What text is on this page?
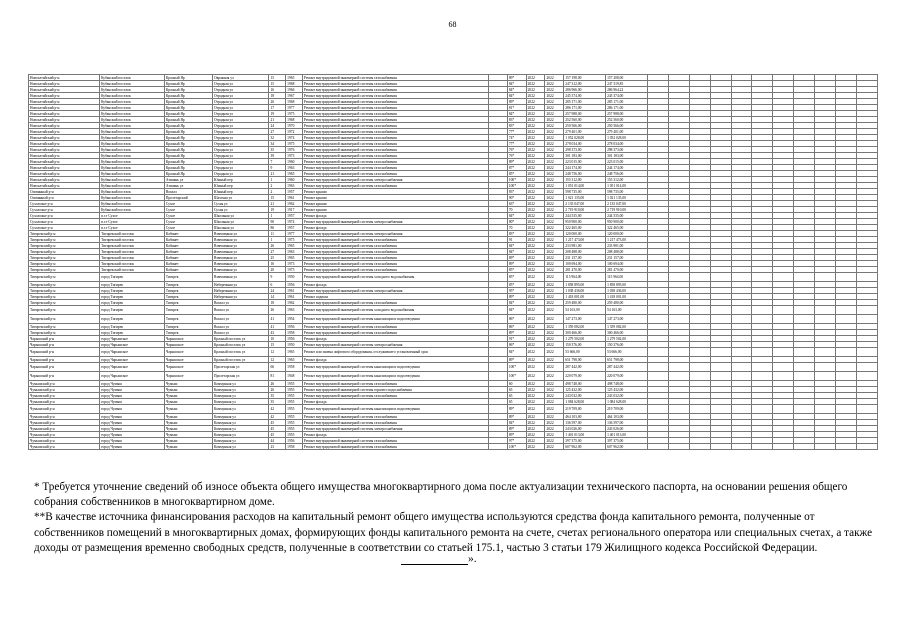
68
Новоалтайский р-н	Кубанский поселок	Красный Яр	Овражная ул	15	1965	Ремонт внутридомовой инженерной системы газоснабжения		89*	2022	2022	157 198,00	157 208,00											
Новоалтайский р-н	Кубанский поселок	Красный Яр	Отрадная ул	15	1968	Ремонт внутридомовой инженерной системы газоснабжения		84*	2022	2022	247 312,00	247 319,85											
Новоалтайский р-н	Кубанский поселок	Красный Яр	Отрадная ул	16	1966	Ремонт внутридомовой инженерной системы газоснабжения		84*	2022	2022	286 966,00	286 964,22											
Новоалтайский р-н	Кубанский поселок	Красный Яр	Отрадная ул	18	1967	Ремонт внутридомовой инженерной системы газоснабжения		84*	2022	2022	245 374,00	245 374,00											
Новоалтайский р-н	Кубанский поселок	Красный Яр	Отрадная ул	26	1968	Ремонт внутридомовой инженерной системы газоснабжения		89*	2022	2022	285 171,00	285 171,00											
Новоалтайский р-н	Кубанский поселок	Красный Яр	Отрадная ул	17	1977	Ремонт внутридомовой инженерной системы газоснабжения		81*	2022	2022	286 171,00	286 171,00											
Новоалтайский р-н	Кубанский поселок	Красный Яр	Отрадная ул	19	1975	Ремонт внутридомовой инженерной системы газоснабжения		84*	2022	2022	257 988,00	257 988,00											
Новоалтайский р-н	Кубанский поселок	Красный Яр	Отрадная ул	21	1968	Ремонт внутридомовой инженерной системы газоснабжения		83*	2022	2022	252 560,00	252 560,00											
Новоалтайский р-н	Кубанский поселок	Красный Яр	Отрадная ул	24	1970	Ремонт внутридомовой инженерной системы газоснабжения		83*	2022	2022	250 566,00	250 566,00											
Новоалтайский р-н	Кубанский поселок	Красный Яр	Отрадная ул	27	1972	Ремонт внутридомовой инженерной системы газоснабжения		77*	2022	2022	279 401,00	279 401,00											
Новоалтайский р-н	Кубанский поселок	Красный Яр	Отрадная ул	32	1974	Ремонт внутридомовой инженерной системы газоснабжения		74*	2022	2022	1 052 028,00	1 052 028,00											
Новоалтайский р-н	Кубанский поселок	Красный Яр	Отрадная ул	34	1975	Ремонт внутридомовой инженерной системы газоснабжения		77*	2022	2022	278 034,00	278 034,00											
Новоалтайский р-н	Кубанский поселок	Красный Яр	Отрадная ул	35	1976	Ремонт внутридомовой инженерной системы газоснабжения		76*	2022	2022	298 373,00	298 373,00											
Новоалтайский р-н	Кубанский поселок	Красный Яр	Отрадная ул	39	1973	Ремонт внутридомовой инженерной системы газоснабжения		76*	2022	2022	301 183,00	301 183,00											
Новоалтайский р-н	Кубанский поселок	Красный Яр	Отрадная ул	7	1960	Ремонт внутридомовой инженерной системы газоснабжения		89*	2022	2022	223 015,00	223 015,00											
Новоалтайский р-н	Кубанский поселок	Красный Яр	Отрадная ул	9	1963	Ремонт внутридомовой инженерной системы газоснабжения		87*	2022	2022	244 174,00	244 174,00											
Новоалтайский р-н	Кубанский поселок	Красный Яр	Отрадная ул	21	1965	Ремонт внутридомовой инженерной системы газоснабжения		85*	2022	2022	248 756,00	248 756,00											
Новоалтайский р-н	Кубанский поселок	Атамань ул	Южный пер	1	1960	Ремонт внутридомовой инженерной системы электроснабжения		100*	2022	2022	155 312,00	155 312,00											
Новоалтайский р-н	Кубанский поселок	Атамань ул	Южный пер	2	1963	Ремонт внутридомовой инженерной системы газоснабжения		100*	2022	2022	1 051 014,00	1 051 014,00											
Оловянный р-н	Кубанский поселок	Вокзал	Южный пер	2	1957	Ремонт крыши		83*	2022	2022	598 735,00	598 735,00											
Оловянный р-н	Кубанский поселок	Пролетарский	Шахтная ул	15	1961	Ремонт крыши		90*	2022	2022	1 021 135,00	1 021 135,00											
Сухоложье р-н	Кубанский поселок	Сухое	Сухая ул	21	1962	Ремонт крыши		63*	2022	2022	2 135 047,00	2 135 047,00											
Сухоложье р-н	Кубанский поселок	Сухое	Сухая ул	19	1917	Ремонт крыши		70	2022	2022	2 719 910,00	2 719 910,00											
Сухоложье р-н	п.г.т Сухое	Сухое	Школьная ул	1	1957	Ремонт фасада		84*	2022	2022	244 535,00	244 535,00											
Сухоложье р-н	п.г.т Сухое	Сухое	Школьная ул	90	1974	Ремонт внутридомовой инженерной системы электроснабжения		80*	2022	2022	950 900,00	950 900,00											
Сухоложье р-н	п.г.т Сухое	Сухое	Школьная ул	86	1957	Ремонт фасада		70	2022	2022	322 465,00	322 465,00											
Тигирекский р-н	Тигирекский поселок	Кабинет	Взвешенная ул	11	1977	Ремонт внутридомовой инженерной системы электроснабжения		83*	2022	2022	120 000,00	120 000,00											
Тигирекский р-н	Тигирекский поселок	Кабинет	Взвешенная ул	1	1975	Ремонт внутридомовой инженерной системы газоснабжения		91	2022	2022	1 217 473,00	1 217 473,00											
Тигирекский р-н	Тигирекский поселок	Кабинет	Взвешенная ул	26	1965	Ремонт внутридомовой инженерной системы газоснабжения		84*	2022	2022	233 981,00	233 981,00											
Тигирекский р-н	Тигирекский поселок	Кабинет	Взвешенная ул	27	1963	Ремонт внутридомовой инженерной системы газоснабжения		84*	2022	2022	208 488,00	208 488,00											
Тигирекский р-н	Тигирекский поселок	Кабинет	Взвешенная ул	25	1965	Ремонт внутридомовой инженерной системы газоснабжения		89*	2022	2022	231 157,00	231 157,00											
Тигирекский р-н	Тигирекский поселок	Кабинет	Взвешенная ул	16	1973	Ремонт внутридомовой инженерной системы газоснабжения		89*	2022	2022	100 694,00	100 694,00											
Тигирекский р-н	Тигирекский поселок	Кабинет	Взвешенная ул	20	1975	Ремонт внутридомовой инженерной системы газоснабжения		85*	2022	2022	281 470,00	281 470,00											
Тигирекский р-н	город Тигирек	Тигирек	Взвешенная ул	9	1950	Ремонт внутридомовой инженерной системы холодного водоснабжения		85*	2022	2022	115 964,00	115 964,00											
Тигирекский р-н	город Тигирек	Тигирек	Набережная ул	6	1956	Ремонт фасада		85*	2022	2022	1 858 895,00	1 858 895,00											
Тигирекский р-н	город Тигирек	Тигирек	Набережная ул	24	1961	Ремонт внутридомовой инженерной системы электроснабжения		95*	2022	2022	1 038 436,00	1 038 436,00											
Тигирекский р-н	город Тигирек	Тигирек	Набережная ул	14	1961	Ремонт подвала		89*	2022	2022	1 418 001,00	1 418 001,00											
Тигирекский р-н	город Тигирек	Тигирек	Вокзал ул	18	1962	Ремонт внутридомовой инженерной системы газоснабжения		84*	2022	2022	259 480,00	259 480,00											
Тигирекский р-н	город Тигирек	Тигирек	Вокзал ул	26	1963	Ремонт внутридомовой инженерной системы холодного водоснабжения		84*	2022	2022	54 163,00	54 163,00											
Тигирекский р-н	город Тигирек	Тигирек	Вокзал ул	41	1954	Ремонт внутридомовой инженерной системы канализации и водоотведения		86*	2022	2022	147 273,00	147 273,00											
Тигирекский р-н	город Тигирек	Тигирек	Вокзал ул	41	1956	Ремонт внутридомовой инженерной системы газоснабжения		86*	2022	2022	1 359 082,00	1 359 082,00											
Тигирекский р-н	город Тигирек	Тигирек	Вокзал ул	43	1958	Ремонт внутридомовой инженерной системы газоснабжения		89*	2022	2022	300 466,00	300 466,00											
Чарышский р-н	город Чарышское	Чарышское	Красный поселок ул	10	1956	Ремонт фасада		91*	2022	2022	1 279 502,00	1 279 502,00											
Чарышский р-н	город Чарышское	Чарышское	Красный поселок ул	15	1950	Ремонт внутридомовой инженерной системы электроснабжения		86*	2022	2022	150 376,00	150 376,00											
Чарышский р-н	город Чарышское	Чарышское	Красный поселок ул	12	1965	Ремонт или замена лифтового оборудования, отслужившего установленный срок		84*	2022	2022	53 666,00	53 666,00											
Чарышский р-н	город Чарышское	Чарышское	Красный поселок ул	12	1965	Ремонт фасада		89*	2022	2022	651 798,00	651 798,00											
Чарышский р-н	город Чарышское	Чарышское	Пролетарская ул	66	1958	Ремонт внутридомовой инженерной системы канализации и водоотведения		100*	2022	2022	287 442,00	287 442,00											
Чарышский р-н	город Чарышское	Чарышское	Пролетарская ул	81	1948	Ремонт внутридомовой инженерной системы канализации и водоотведения		100*	2022	2022	220 079,00	220 079,00											
Чумышский р-н	город Чумыш	Чумыш	Коммунная ул	26	1955	Ремонт внутридомовой инженерной системы газоснабжения		60	2022	2022	498 748,00	498 748,00											
Чумышский р-н	город Чумыш	Чумыш	Коммунная ул	26	1955	Ремонт внутридомовой инженерной системы горячего водоснабжения		65	2022	2022	125 432,00	125 432,00											
Чумышский р-н	город Чумыш	Чумыш	Коммунная ул	35	1955	Ремонт внутридомовой инженерной системы газоснабжения		65	2022	2022	243 032,00	243 032,00											
Чумышский р-н	город Чумыш	Чумыш	Коммунная ул	35	1955	Ремонт фасада		65	2022	2022	1 084 628,00	1 084 628,00											
Чумышский р-н	город Чумыш	Чумыш	Коммунная ул	42	1955	Ремонт внутридомовой инженерной системы канализации и водоотведения		89*	2022	2022	219 709,00	219 709,00											
Чумышский р-н	город Чумыш	Чумыш	Коммунная ул	42	1955	Ремонт внутридомовой инженерной системы газоснабжения		89*	2022	2022	464 103,00	464 103,00											
Чумышский р-н	город Чумыш	Чумыш	Коммунная ул	45	1955	Ремонт внутридомовой инженерной системы газоснабжения		84*	2022	2022	136 597,00	136 597,00											
Чумышский р-н	город Чумыш	Чумыш	Коммунная ул	45	1955	Ремонт внутридомовой инженерной системы электроснабжения		89*	2022	2022	243 026,00	243 026,00											
Чумышский р-н	город Чумыш	Чумыш	Коммунная ул	45	1955	Ремонт фасада		89*	2022	2022	1 401 013,00	1 401 013,00											
Чумышский р-н	город Чумыш	Чумыш	Коммунная ул	44	1956	Ремонт внутридомовой инженерной системы газоснабжения		97*	2022	2022	397 375,00	397 375,00											
Чумышский р-н	город Чумыш	Чумыш	Коммунная ул	23	1958	Ремонт внутридомовой инженерной системы газоснабжения		100*	2022	2022	607 962,00	607 962,00											

* Требуется уточнение сведений об износе объекта общего имущества многоквартирного дома после актуализации технического паспорта, на основании решения общего собрания собственников в многоквартирном доме.

**В качестве источника финансирования расходов на капитальный ремонт общего имущества используются средства фонда капитального ремонта, полученные от собственников помещений в многоквартирных домах, формирующих фонды капитального ремонта на счете, счетах регионального оператора или специальных счетах, а также доходы от размещения временно свободных средств, полученные в соответствии со статьей 175.1, частью 3 статьи 179 Жилищного кодекса Российской Федерации.

».
